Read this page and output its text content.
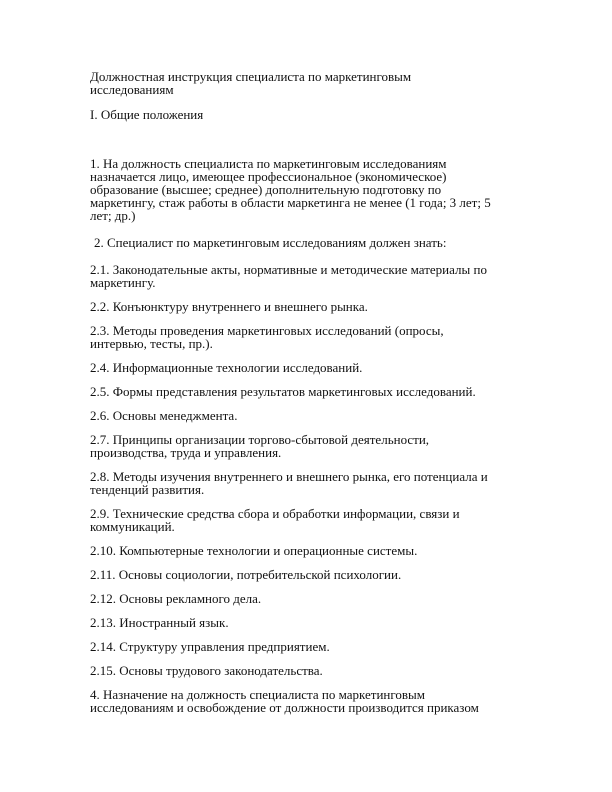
Должностная инструкция специалиста по маркетинговым
исследованиям
I. Общие положения
1. На должность специалиста по маркетинговым исследованиям
назначается лицо, имеющее профессиональное (экономическое)
образование (высшее; среднее) дополнительную подготовку по
маркетингу, стаж работы в области маркетинга не менее (1 года; 3 лет; 5
лет; др.)
2. Специалист по маркетинговым исследованиям должен знать:
2.1. Законодательные акты, нормативные и методические материалы по
маркетингу.
2.2. Конъюнктуру внутреннего и внешнего рынка.
2.3. Методы проведения маркетинговых исследований (опросы,
интервью, тесты, пр.).
2.4. Информационные технологии исследований.
2.5. Формы представления результатов маркетинговых исследований.
2.6. Основы менеджмента.
2.7. Принципы организации торгово-сбытовой деятельности,
производства, труда и управления.
2.8. Методы изучения внутреннего и внешнего рынка, его потенциала и
тенденций развития.
2.9. Технические средства сбора и обработки информации, связи и
коммуникаций.
2.10. Компьютерные технологии и операционные системы.
2.11. Основы социологии, потребительской психологии.
2.12. Основы рекламного дела.
2.13. Иностранный язык.
2.14. Структуру управления предприятием.
2.15. Основы трудового законодательства.
4. Назначение на должность специалиста по маркетинговым
исследованиям и освобождение от должности производится приказом
